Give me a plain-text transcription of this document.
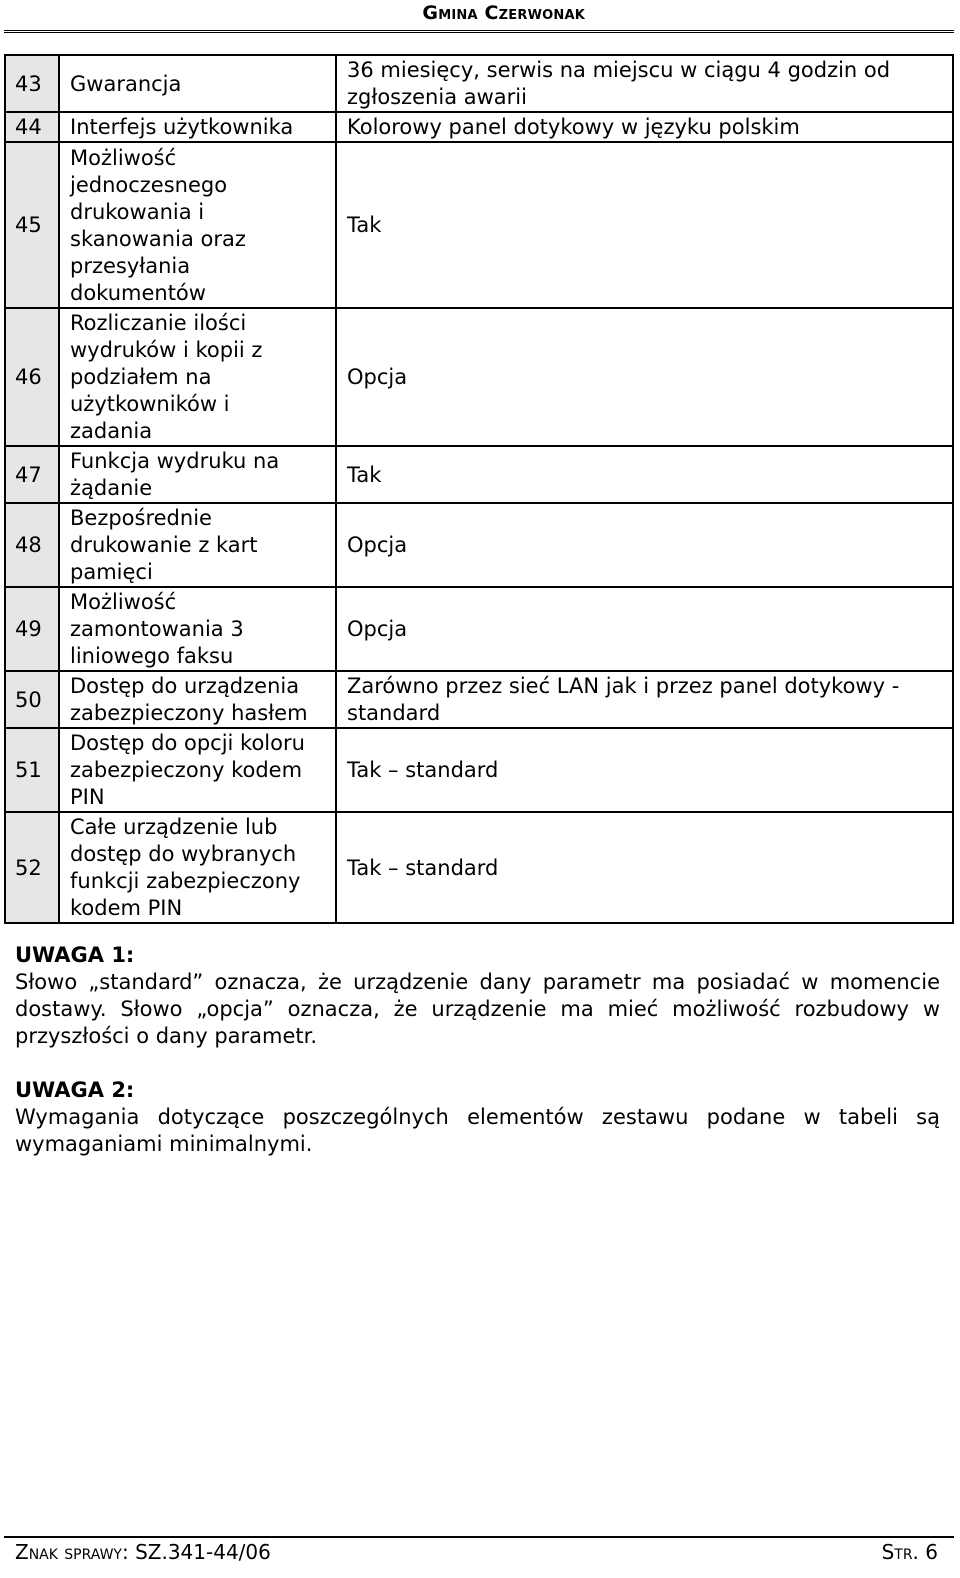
Gmina Czerwonak
43	Gwarancja	36 miesięcy, serwis na miejscu w ciągu 4 godzin od zgłoszenia awarii
44	Interfejs użytkownika	Kolorowy panel dotykowy w języku polskim
45	Możliwość jednoczesnego drukowania i skanowania oraz przesyłania dokumentów	Tak
46	Rozliczanie ilości wydruków i kopii z podziałem na użytkowników i zadania	Opcja
47	Funkcja wydruku na żądanie	Tak
48	Bezpośrednie drukowanie z kart pamięci	Opcja
49	Możliwość zamontowania 3 liniowego faksu	Opcja
50	Dostęp do urządzenia zabezpieczony hasłem	Zarówno przez sieć LAN jak i przez panel dotykowy - standard
51	Dostęp do opcji koloru zabezpieczony kodem PIN	Tak – standard
52	Całe urządzenie lub dostęp do wybranych funkcji zabezpieczony kodem PIN	Tak – standard
UWAGA 1:
Słowo „standard” oznacza, że urządzenie dany parametr ma posiadać w momencie dostawy. Słowo „opcja” oznacza, że urządzenie ma mieć możliwość rozbudowy w przyszłości o dany parametr.
UWAGA 2:
Wymagania dotyczące poszczególnych elementów zestawu podane w tabeli są wymaganiami minimalnymi.
Znak sprawy: SZ.341-44/06	Str. 6
